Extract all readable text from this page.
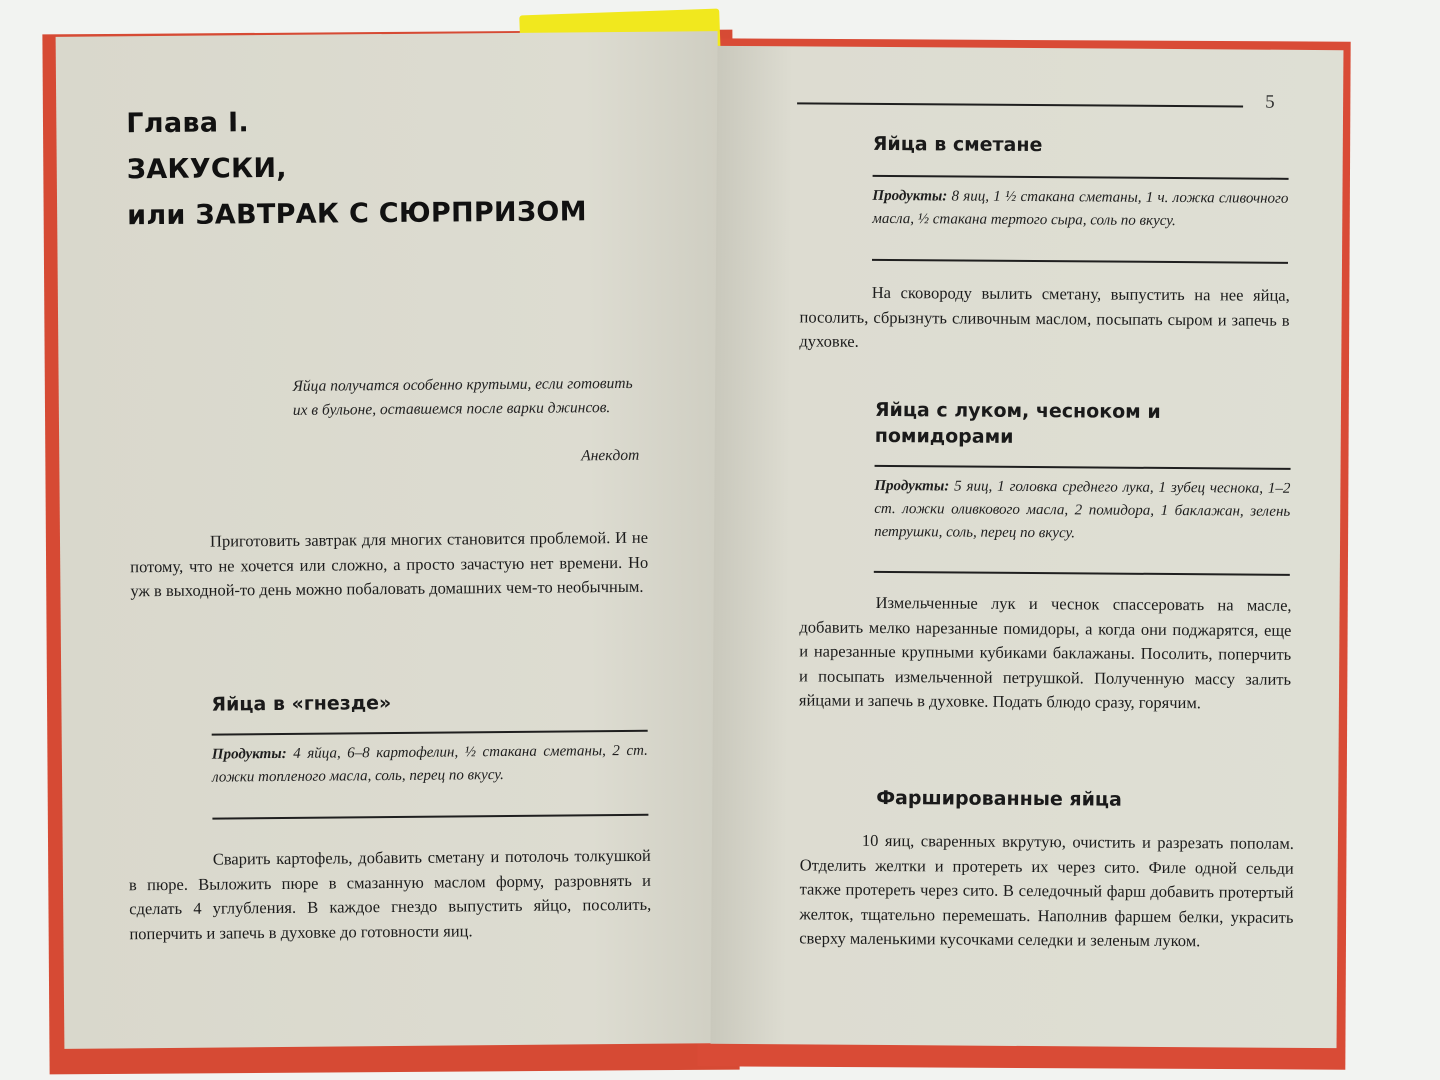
Глава I.
ЗАКУСКИ,
или ЗАВТРАК С СЮРПРИЗОМ
Яйца получатся особенно крутыми, если готовить их в бульоне, оставшемся после варки джинсов.
Анекдот
Приготовить завтрак для многих становится проблемой. И не потому, что не хочется или сложно, а просто зачастую нет времени. Но уж в выходной-то день можно побаловать домашних чем-то необычным.
Яйца в «гнезде»
Продукты: 4 яйца, 6–8 картофелин, ½ стакана сметаны, 2 ст. ложки топленого масла, соль, перец по вкусу.
Сварить картофель, добавить сметану и потолочь толкушкой в пюре. Выложить пюре в смазанную маслом форму, разровнять и сделать 4 углубления. В каждое гнездо выпустить яйцо, посолить, поперчить и запечь в духовке до готовности яиц.
5
Яйца в сметане
Продукты: 8 яиц, 1 ½ стакана сметаны, 1 ч. ложка сливочного масла, ½ стакана тертого сыра, соль по вкусу.
На сковороду вылить сметану, выпустить на нее яйца, посолить, сбрызнуть сливочным маслом, посыпать сыром и запечь в духовке.
Яйца с луком, чесноком и помидорами
Продукты: 5 яиц, 1 головка среднего лука, 1 зубец чеснока, 1–2 ст. ложки оливкового масла, 2 помидора, 1 баклажан, зелень петрушки, соль, перец по вкусу.
Измельченные лук и чеснок спассеровать на масле, добавить мелко нарезанные помидоры, а когда они поджарятся, еще и нарезанные крупными кубиками баклажаны. Посолить, поперчить и посыпать измельченной петрушкой. Полученную массу залить яйцами и запечь в духовке. Подать блюдо сразу, горячим.
Фаршированные яйца
10 яиц, сваренных вкрутую, очистить и разрезать пополам. Отделить желтки и протереть их через сито. Филе одной сельди также протереть через сито. В селедочный фарш добавить протертый желток, тщательно перемешать. Наполнив фаршем белки, украсить сверху маленькими кусочками селедки и зеленым луком.
